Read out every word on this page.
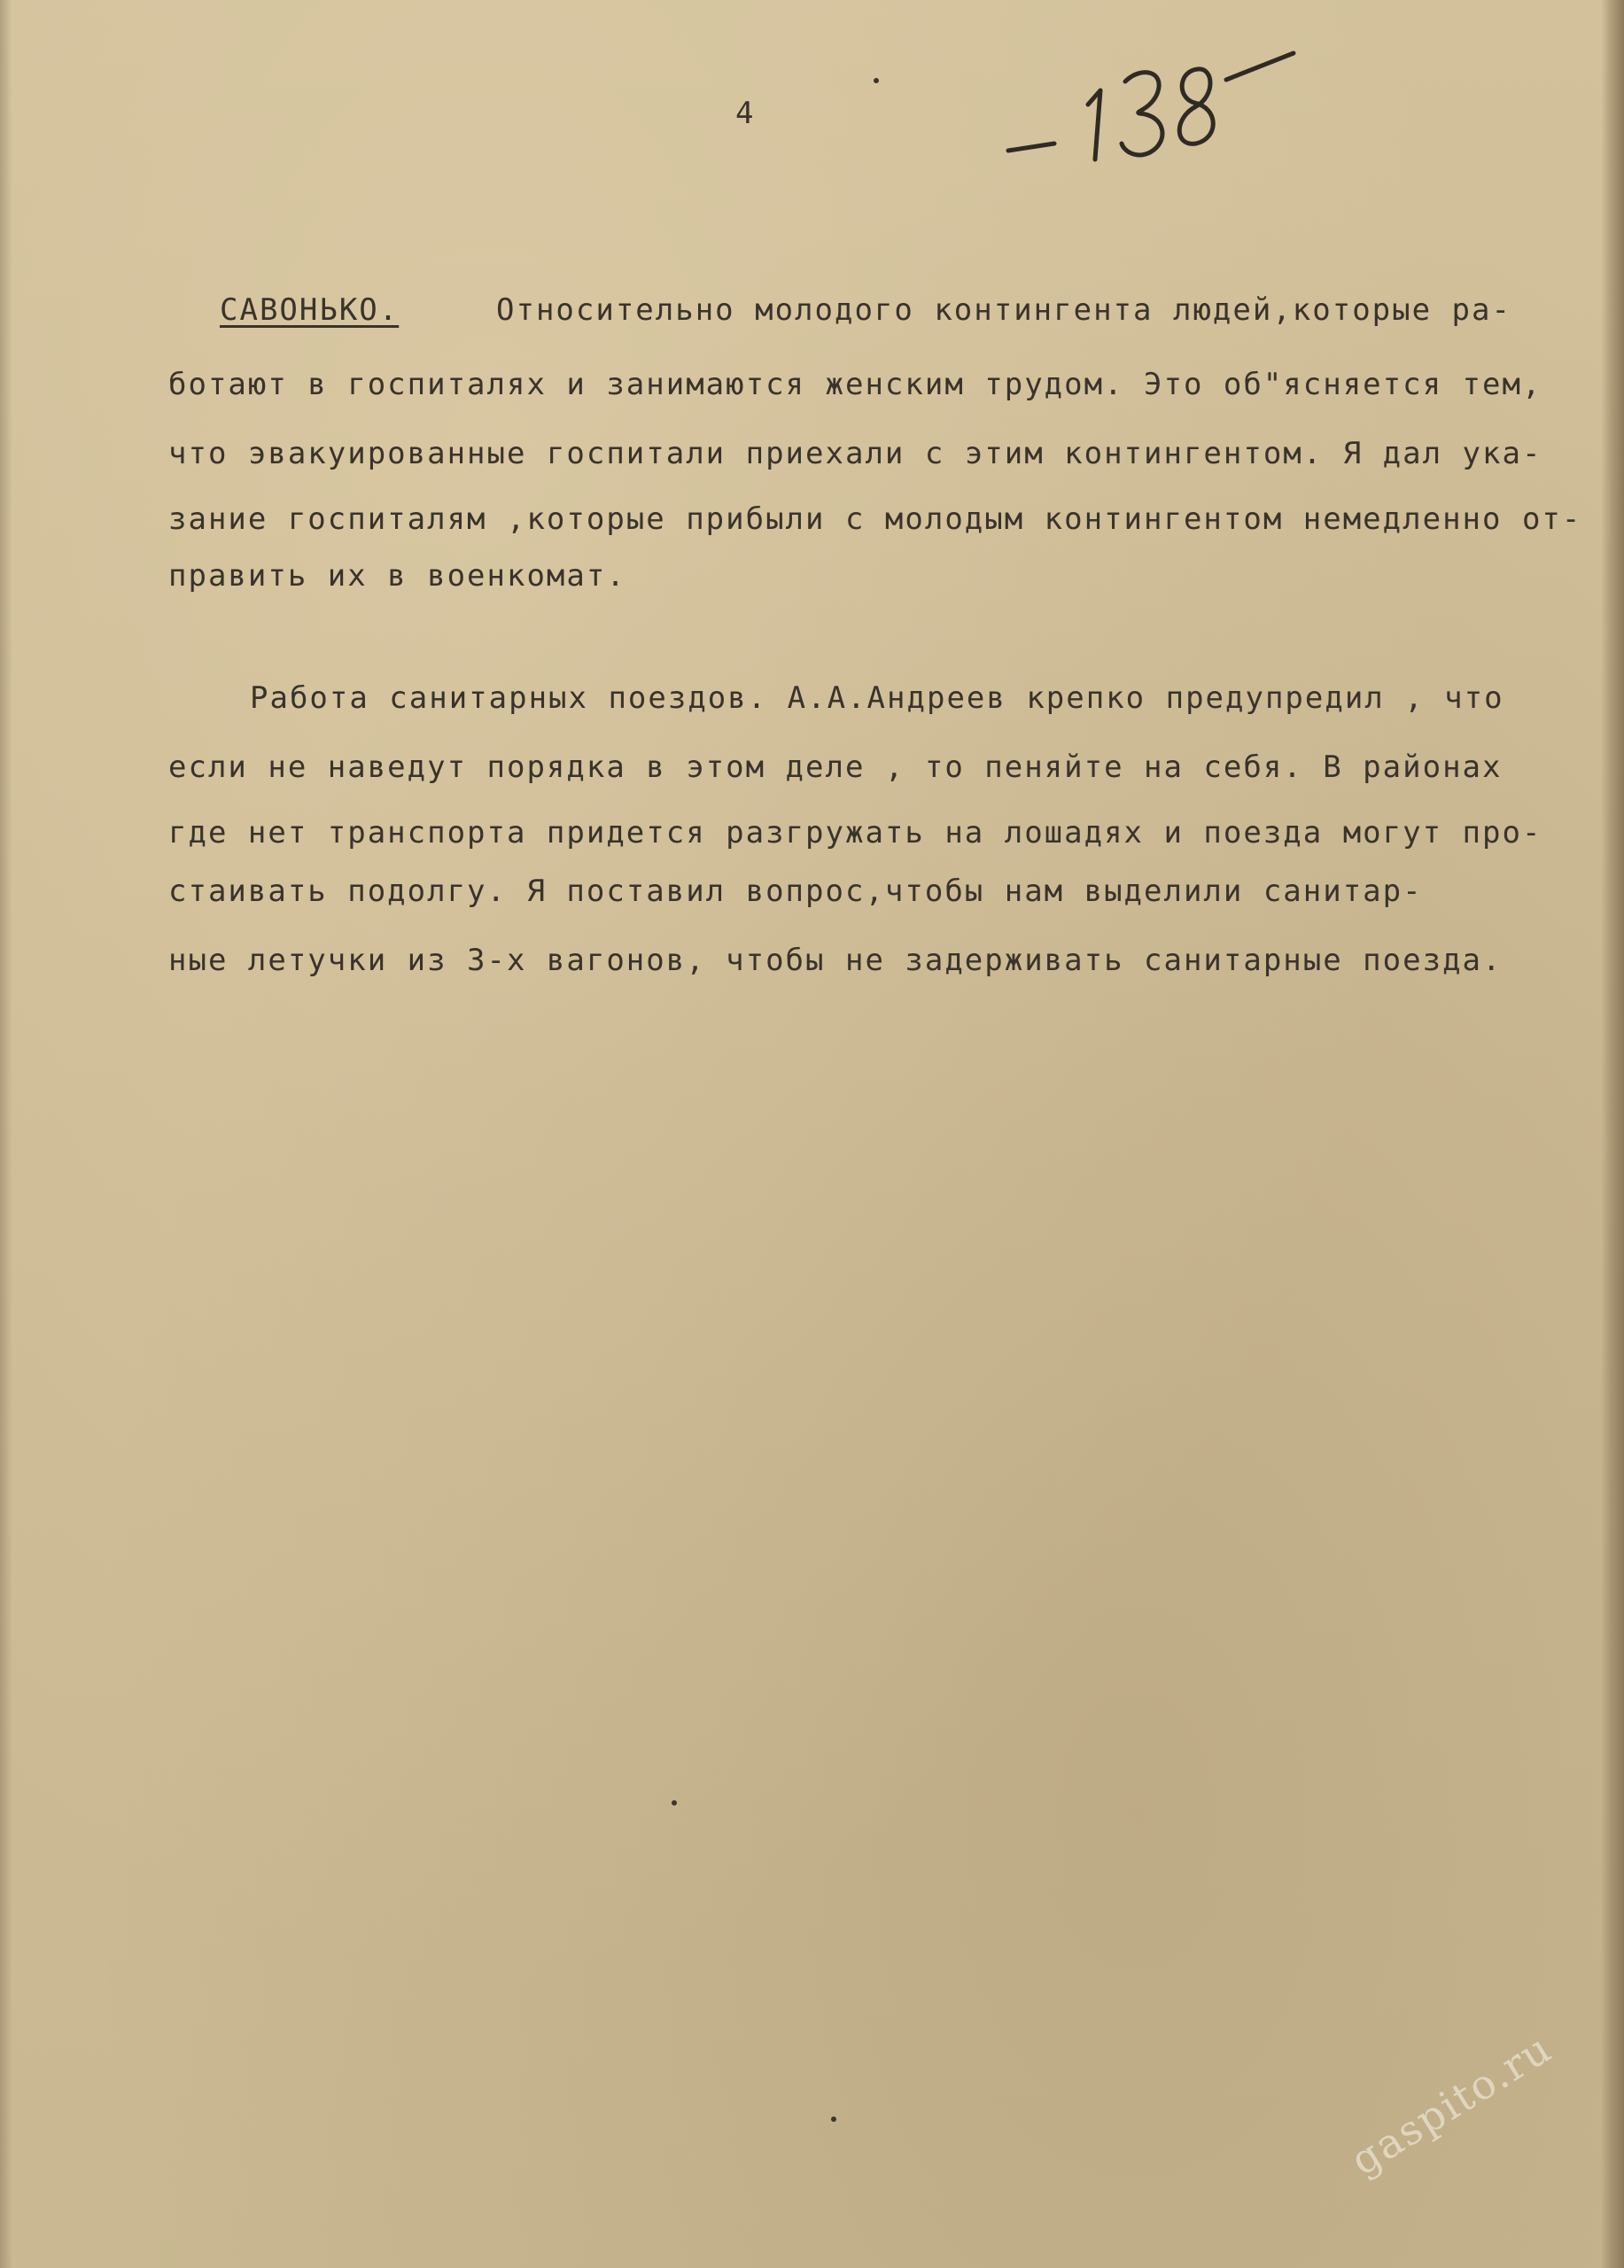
4
САВОНЬКО.	Относительно молодого контингента людей,которые ра-
ботают в госпиталях и занимаются женским трудом. Это об"ясняется тем,
что эвакуированные госпитали приехали с этим контингентом. Я дал ука-
зание госпиталям ,которые прибыли с молодым контингентом немедленно от-
править их в военкомат.
Работа санитарных поездов. А.А.Андреев крепко предупредил , что
если не наведут порядка в этом деле , то пеняйте на себя. В районах
где нет транспорта придется разгружать на лошадях и поезда могут про-
стаивать подолгу. Я поставил вопрос,чтобы нам выделили санитар-
ные летучки из 3-х вагонов, чтобы не задерживать санитарные поезда.
gaspito.ru
